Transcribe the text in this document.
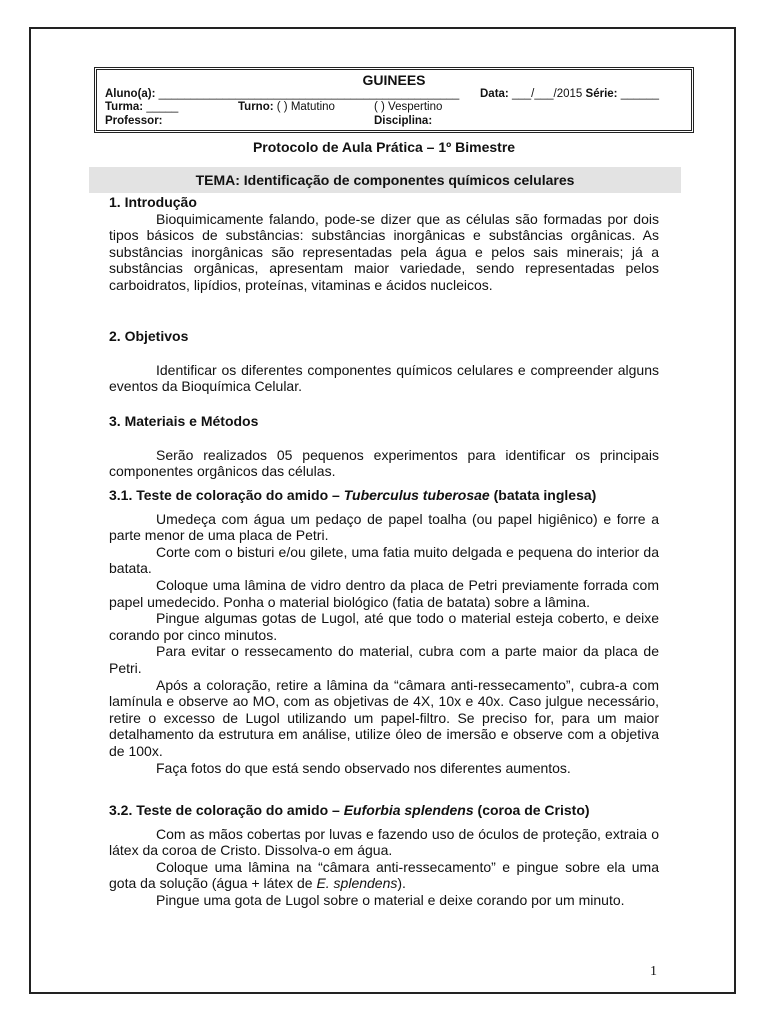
GUINEES
Aluno(a): _______________________________________________ Data: ___/___/2015 Série: ______
Turma: _____	Turno: ( ) Matutino	( ) Vespertino
Professor:	Disciplina:
Protocolo de Aula Prática – 1º Bimestre
TEMA: Identificação de componentes químicos celulares
1. Introdução

Bioquimicamente falando, pode-se dizer que as células são formadas por dois tipos básicos de substâncias: substâncias inorgânicas e substâncias orgânicas. As substâncias inorgânicas são representadas pela água e pelos sais minerais; já a substâncias orgânicas, apresentam maior variedade, sendo representadas pelos carboidratos, lipídios, proteínas, vitaminas e ácidos nucleicos.

2. Objetivos

Identificar os diferentes componentes químicos celulares e compreender alguns eventos da Bioquímica Celular.

3. Materiais e Métodos

Serão realizados 05 pequenos experimentos para identificar os principais componentes orgânicos das células.

3.1. Teste de coloração do amido – Tuberculus tuberosae (batata inglesa)

Umedeça com água um pedaço de papel toalha (ou papel higiênico) e forre a parte menor de uma placa de Petri.

Corte com o bisturi e/ou gilete, uma fatia muito delgada e pequena do interior da batata.

Coloque uma lâmina de vidro dentro da placa de Petri previamente forrada com papel umedecido. Ponha o material biológico (fatia de batata) sobre a lâmina.

Pingue algumas gotas de Lugol, até que todo o material esteja coberto, e deixe corando por cinco minutos.

Para evitar o ressecamento do material, cubra com a parte maior da placa de Petri.

Após a coloração, retire a lâmina da “câmara anti-ressecamento”, cubra-a com lamínula e observe ao MO, com as objetivas de 4X, 10x e 40x. Caso julgue necessário, retire o excesso de Lugol utilizando um papel-filtro. Se preciso for, para um maior detalhamento da estrutura em análise, utilize óleo de imersão e observe com a objetiva de 100x.

Faça fotos do que está sendo observado nos diferentes aumentos.

3.2. Teste de coloração do amido – Euforbia splendens (coroa de Cristo)

Com as mãos cobertas por luvas e fazendo uso de óculos de proteção, extraia o látex da coroa de Cristo. Dissolva-o em água.

Coloque uma lâmina na “câmara anti-ressecamento” e pingue sobre ela uma gota da solução (água + látex de E. splendens).

Pingue uma gota de Lugol sobre o material e deixe corando por um minuto.

1
